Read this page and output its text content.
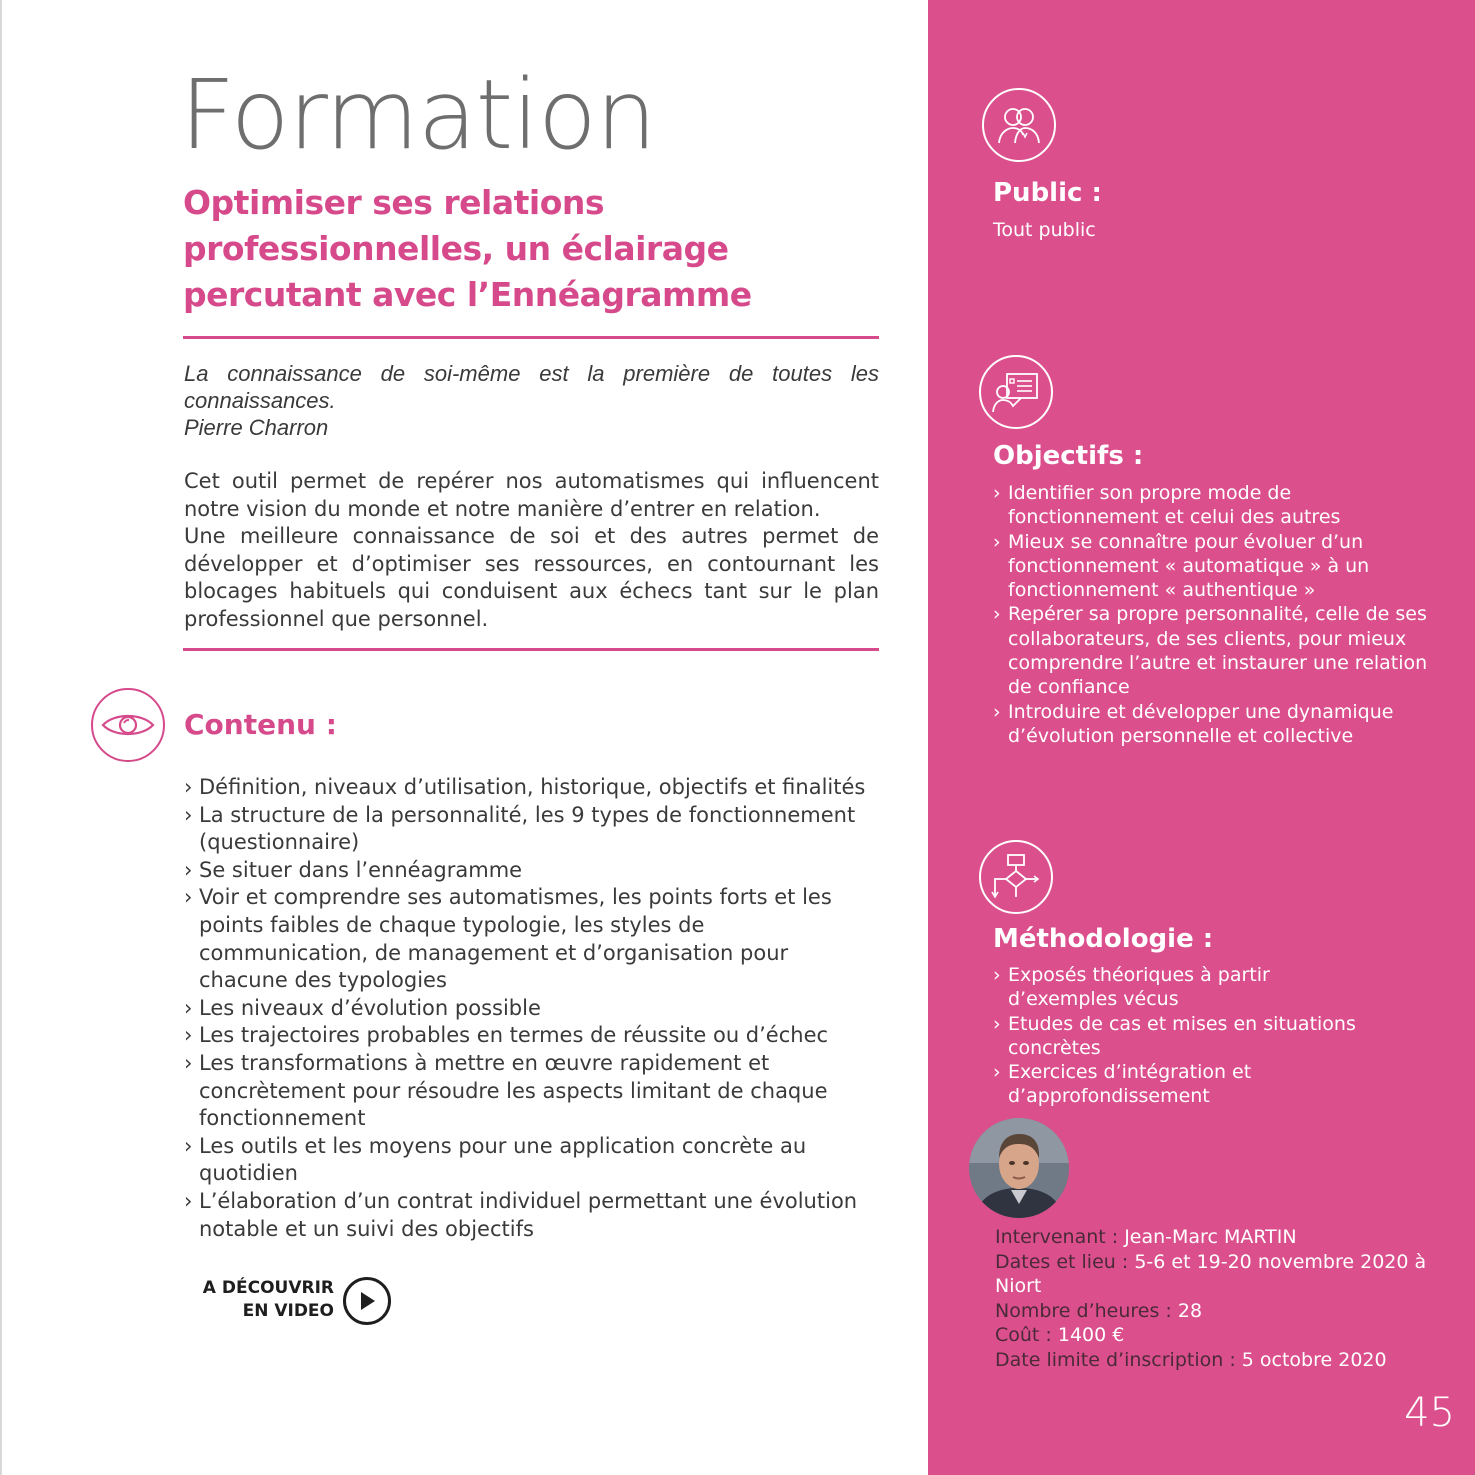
Formation
Optimiser ses relations
professionnelles, un éclairage
percutant avec l’Ennéagramme
La connaissance de soi-même est la première de toutes les connaissances.
Pierre Charron

Cet outil permet de repérer nos automatismes qui influencent notre vision du monde et notre manière d’entrer en relation.

Une meilleure connaissance de soi et des autres permet de développer et d’optimiser ses ressources, en contournant les blocages habituels qui conduisent aux échecs tant sur le plan professionnel que personnel.

Contenu :
› Définition, niveaux d’utilisation, historique, objectifs et finalités
› La structure de la personnalité, les 9 types de fonctionnement (questionnaire)
› Se situer dans l’ennéagramme
› Voir et comprendre ses automatismes, les points forts et les points faibles de chaque typologie, les styles de communication, de management et d’organisation pour chacune des typologies
› Les niveaux d’évolution possible
› Les trajectoires probables en termes de réussite ou d’échec
› Les transformations à mettre en œuvre rapidement et concrètement pour résoudre les aspects limitant de chaque fonctionnement
› Les outils et les moyens pour une application concrète au quotidien
› L’élaboration d’un contrat individuel permettant une évolution notable et un suivi des objectifs
A DÉCOUVRIR
EN VIDEO
Public :
Tout public
Objectifs :
› Identifier son propre mode de fonctionnement et celui des autres
› Mieux se connaître pour évoluer d’un fonctionnement « automatique » à un fonctionnement « authentique »
› Repérer sa propre personnalité, celle de ses collaborateurs, de ses clients, pour mieux comprendre l’autre et instaurer une relation de confiance
› Introduire et développer une dynamique d’évolution personnelle et collective
Méthodologie :
› Exposés théoriques à partir d’exemples vécus
› Etudes de cas et mises en situations concrètes
› Exercices d’intégration et d’approfondissement
Intervenant : Jean-Marc MARTIN
Dates et lieu : 5-6 et 19-20 novembre 2020 à Niort
Nombre d’heures : 28
Coût : 1400 €
Date limite d’inscription : 5 octobre 2020
45
